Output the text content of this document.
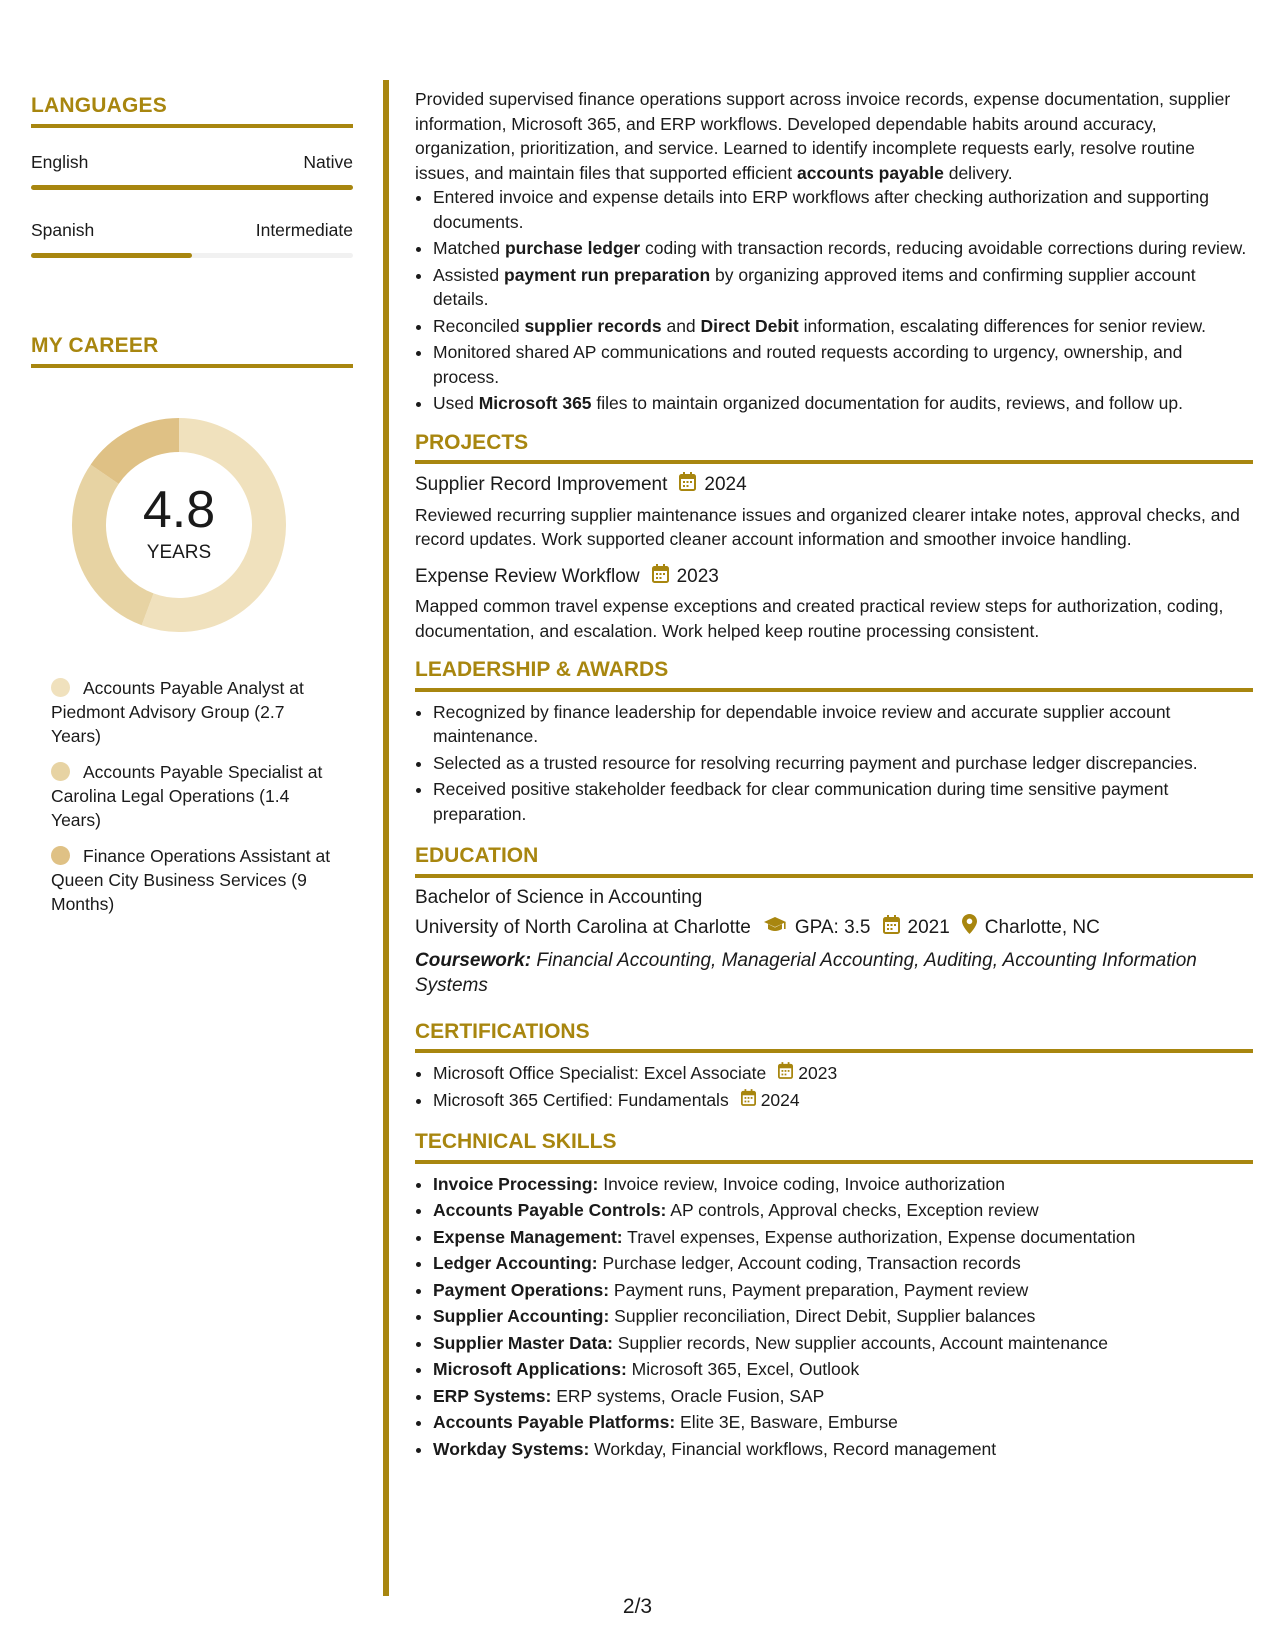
LANGUAGES
English	Native
Spanish	Intermediate
MY CAREER
4.8
YEARS
Accounts Payable Analyst at Piedmont Advisory Group (2.7 Years)
Accounts Payable Specialist at Carolina Legal Operations (1.4 Years)
Finance Operations Assistant at Queen City Business Services (9 Months)

Provided supervised finance operations support across invoice records, expense documentation, supplier information, Microsoft 365, and ERP workflows. Developed dependable habits around accuracy, organization, prioritization, and service. Learned to identify incomplete requests early, resolve routine issues, and maintain files that supported efficient accounts payable delivery.

• Entered invoice and expense details into ERP workflows after checking authorization and supporting documents.
• Matched purchase ledger coding with transaction records, reducing avoidable corrections during review.
• Assisted payment run preparation by organizing approved items and confirming supplier account details.
• Reconciled supplier records and Direct Debit information, escalating differences for senior review.
• Monitored shared AP communications and routed requests according to urgency, ownership, and process.
• Used Microsoft 365 files to maintain organized documentation for audits, reviews, and follow up.
PROJECTS
Supplier Record Improvement 2024

Reviewed recurring supplier maintenance issues and organized clearer intake notes, approval checks, and record updates. Work supported cleaner account information and smoother invoice handling.

Expense Review Workflow 2023

Mapped common travel expense exceptions and created practical review steps for authorization, coding, documentation, and escalation. Work helped keep routine processing consistent.

LEADERSHIP & AWARDS
• Recognized by finance leadership for dependable invoice review and accurate supplier account maintenance.
• Selected as a trusted resource for resolving recurring payment and purchase ledger discrepancies.
• Received positive stakeholder feedback for clear communication during time sensitive payment preparation.
EDUCATION
Bachelor of Science in Accounting
University of North Carolina at Charlotte GPA: 3.5 2021 Charlotte, NC
Coursework: Financial Accounting, Managerial Accounting, Auditing, Accounting Information Systems
CERTIFICATIONS
• Microsoft Office Specialist: Excel Associate 2023
• Microsoft 365 Certified: Fundamentals 2024
TECHNICAL SKILLS
• Invoice Processing: Invoice review, Invoice coding, Invoice authorization
• Accounts Payable Controls: AP controls, Approval checks, Exception review
• Expense Management: Travel expenses, Expense authorization, Expense documentation
• Ledger Accounting: Purchase ledger, Account coding, Transaction records
• Payment Operations: Payment runs, Payment preparation, Payment review
• Supplier Accounting: Supplier reconciliation, Direct Debit, Supplier balances
• Supplier Master Data: Supplier records, New supplier accounts, Account maintenance
• Microsoft Applications: Microsoft 365, Excel, Outlook
• ERP Systems: ERP systems, Oracle Fusion, SAP
• Accounts Payable Platforms: Elite 3E, Basware, Emburse
• Workday Systems: Workday, Financial workflows, Record management
2/3
